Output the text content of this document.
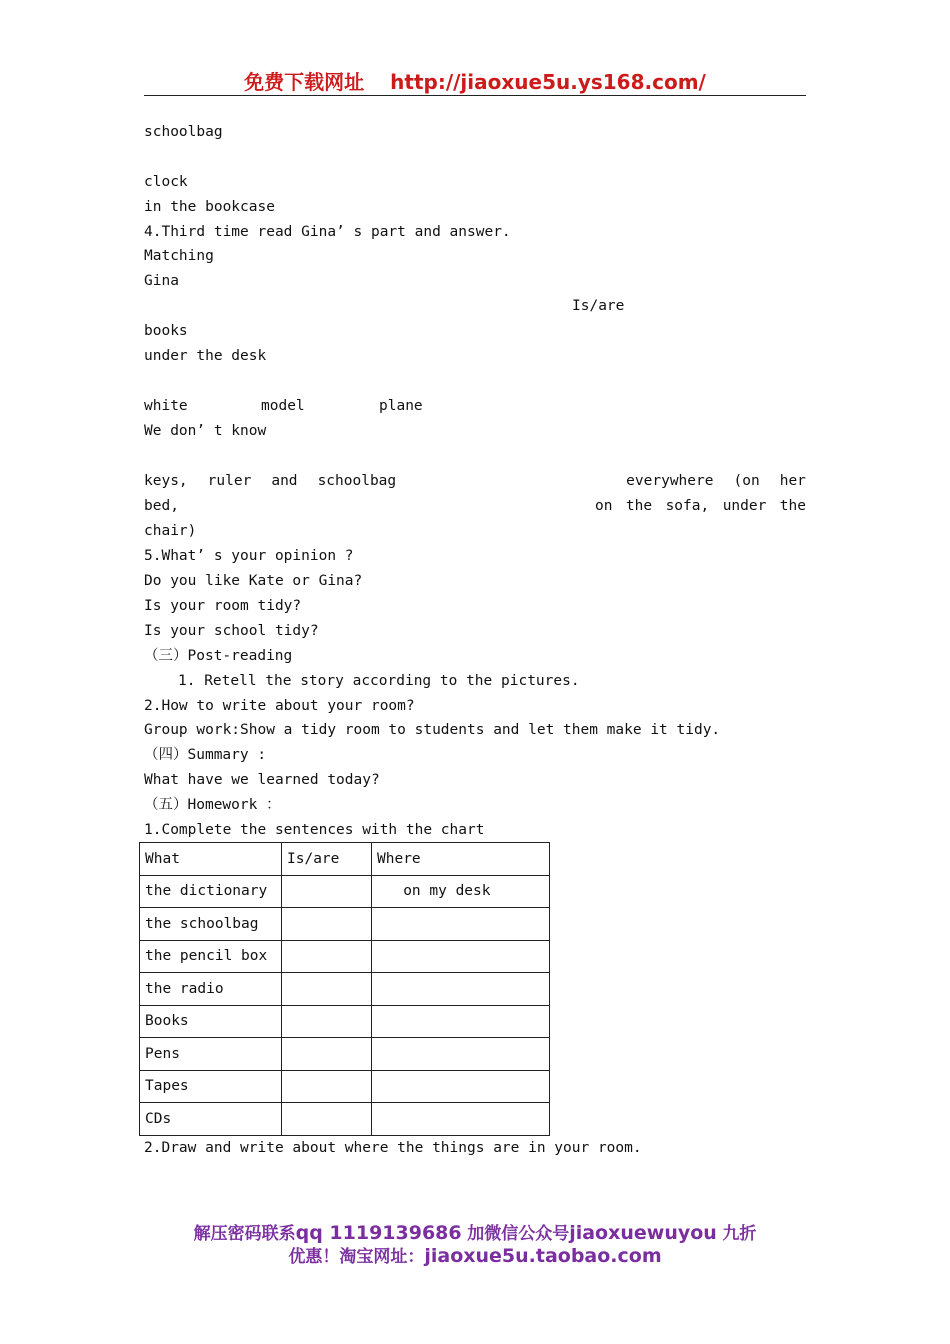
免费下载网址 http://jiaoxue5u.ys168.com/
schoolbag
clock
in the bookcase
4.Third time read Gina’ s part and answer.
Matching
Gina
Is/are
books
under the desk
white	model	plane
We don’ t know
keys, ruler and schoolbag	everywhere (on her
bed,	on the sofa, under the
chair)
5.What’ s your opinion ?
Do you like Kate or Gina?
Is your room tidy?
Is your school tidy?
（三）Post-reading
1. Retell the story according to the pictures.
2.How to write about your room?
Group work:Show a tidy room to students and let them make it tidy.
（四）Summary :
What have we learned today?
（五）Homework ：
1.Complete the sentences with the chart
What	Is/are	Where
the dictionary		on my desk
the schoolbag		
the pencil box		
the radio		
Books		
Pens		
Tapes		
CDs		
2.Draw and write about where the things are in your room.
解压密码联系qq 1119139686 加微信公众号jiaoxuewuyou 九折
优惠！淘宝网址：jiaoxue5u.taobao.com
